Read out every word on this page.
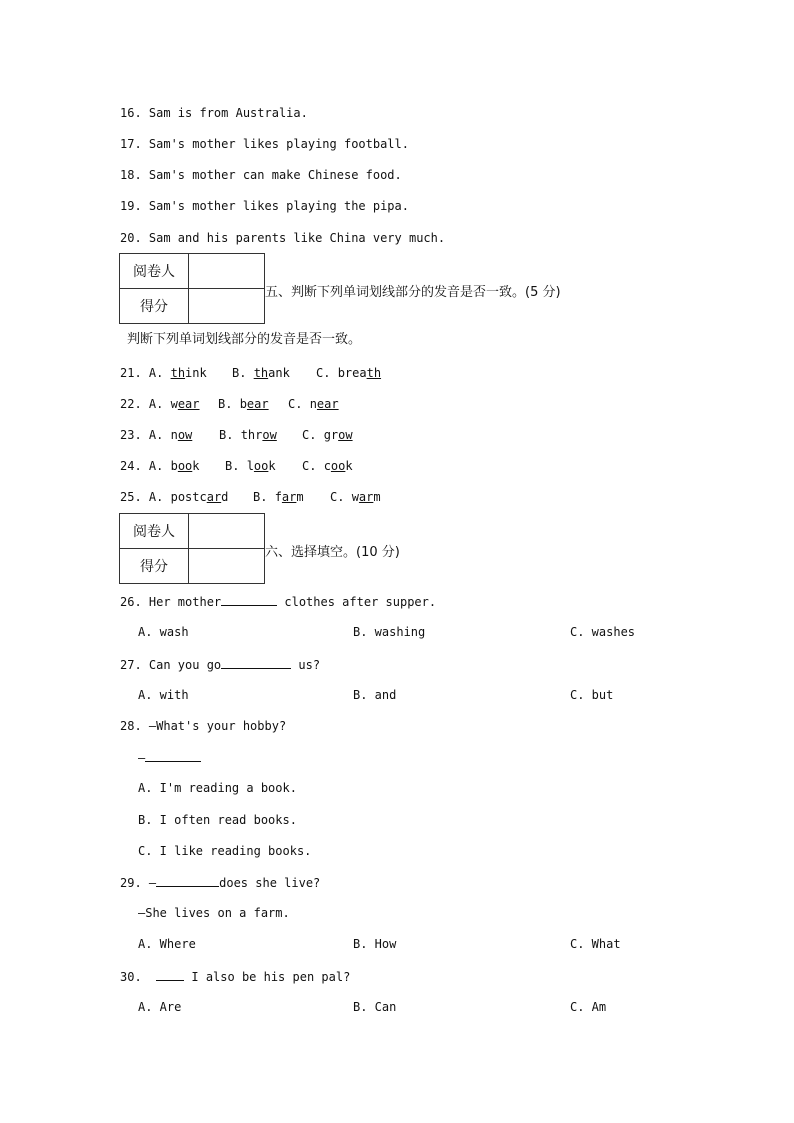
16. Sam is from Australia.
17. Sam's mother likes playing football.
18. Sam's mother can make Chinese food.
19. Sam's mother likes playing the pipa.
20. Sam and his parents like China very much.
阅卷人	
得分	
五、判断下列单词划线部分的发音是否一致。(5 分)
判断下列单词划线部分的发音是否一致。
21. A. think B. thank C. breath
22. A. wear B. bear C. near
23. A. now B. throw C. grow
24. A. book B. look C. cook
25. A. postcard B. farm C. warm
阅卷人	
得分	
六、选择填空。(10 分)
26. Her mother	clothes after supper.
A. wash	B. washing	C. washes
27. Can you go	us?
A. with	B. and	C. but
28. —What's your hobby?
—
A. I'm reading a book.
B. I often read books.
C. I like reading books.
29. —	does she live?
—She lives on a farm.
A. Where	B. How	C. What
30.	I also be his pen pal?
A. Are	B. Can	C. Am
